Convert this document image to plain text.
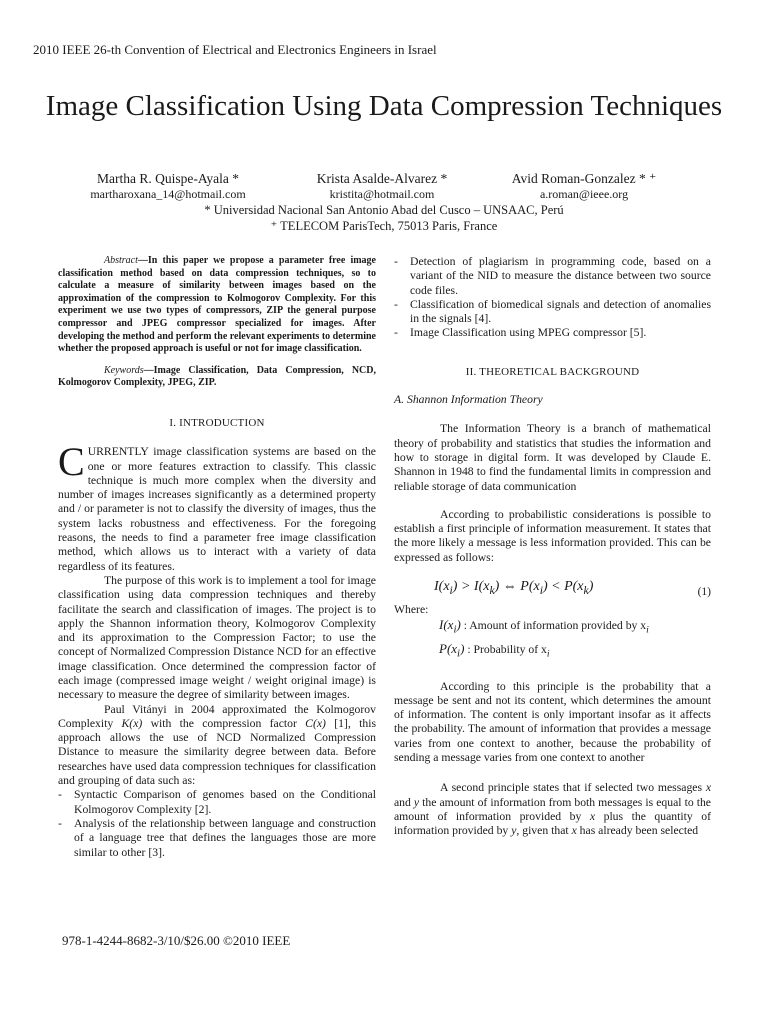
2010 IEEE 26-th Convention of Electrical and Electronics Engineers in Israel
Image Classification Using Data Compression Techniques
Martha R. Quispe-Ayala *
martharoxana_14@hotmail.com
Krista Asalde-Alvarez *
kristita@hotmail.com
Avid Roman-Gonzalez * ⁺
a.roman@ieee.org
* Universidad Nacional San Antonio Abad del Cusco – UNSAAC, Perú
⁺ TELECOM ParisTech, 75013 Paris, France

Abstract—In this paper we propose a parameter free image classification method based on data compression techniques, so to calculate a measure of similarity between images based on the approximation of the compression to Kolmogorov Complexity. For this experiment we use two types of compressors, ZIP the general purpose compressor and JPEG compressor specialized for images. After developing the method and perform the relevant experiments to determine whether the proposed approach is useful or not for image classification.

Keywords—Image Classification, Data Compression, NCD, Kolmogorov Complexity, JPEG, ZIP.

I. INTRODUCTION

CURRENTLY image classification systems are based on the one or more features extraction to classify. This classic technique is much more complex when the diversity and number of images increases significantly as a determined property and / or parameter is not to classify the diversity of images, thus the system lacks robustness and effectiveness. For the foregoing reasons, the needs to find a parameter free image classification method, which allows us to interact with a variety of data regardless of its features.

The purpose of this work is to implement a tool for image classification using data compression techniques and thereby facilitate the search and classification of images. The project is to apply the Shannon information theory, Kolmogorov Complexity and its approximation to the Compression Factor; to use the concept of Normalized Compression Distance NCD for an effective image classification. Once determined the compression factor of each image (compressed image weight / weight original image) is necessary to measure the degree of similarity between images.

Paul Vitányi in 2004 approximated the Kolmogorov Complexity K(x) with the compression factor C(x) [1], this approach allows the use of NCD Normalized Compression Distance to measure the similarity degree between data. Before researches have used data compression techniques for classification and grouping of data such as:

-	Syntactic Comparison of genomes based on the Conditional Kolmogorov Complexity [2].
-	Analysis of the relationship between language and construction of a language tree that defines the languages those are more similar to other [3].
-	Detection of plagiarism in programming code, based on a variant of the NID to measure the distance between two source code files.
-	Classification of biomedical signals and detection of anomalies in the signals [4].
-	Image Classification using MPEG compressor [5].

II. THEORETICAL BACKGROUND

A. Shannon Information Theory

The Information Theory is a branch of mathematical theory of probability and statistics that studies the information and how to storage in digital form. It was developed by Claude E. Shannon in 1948 to find the fundamental limits in compression and reliable storage of data communication

According to probabilistic considerations is possible to establish a first principle of information measurement. It states that the more likely a message is less information provided. This can be expressed as follows:

$I(x_i) > I(x_k)$ ⇔ $P(x_i) < P(x_k)$	(1)

Where:

$I(x_i)$ : Amount of information provided by $x_i$
$P(x_i)$ : Probability of $x_i$

According to this principle is the probability that a message be sent and not its content, which determines the amount of information. The content is only important insofar as it affects the probability. The amount of information that provides a message varies from one context to another, because the probability of sending a message varies from one context to another

A second principle states that if selected two messages x and y the amount of information from both messages is equal to the amount of information provided by x plus the quantity of information provided by y, given that x has already been selected

978-1-4244-8682-3/10/$26.00 ©2010 IEEE
